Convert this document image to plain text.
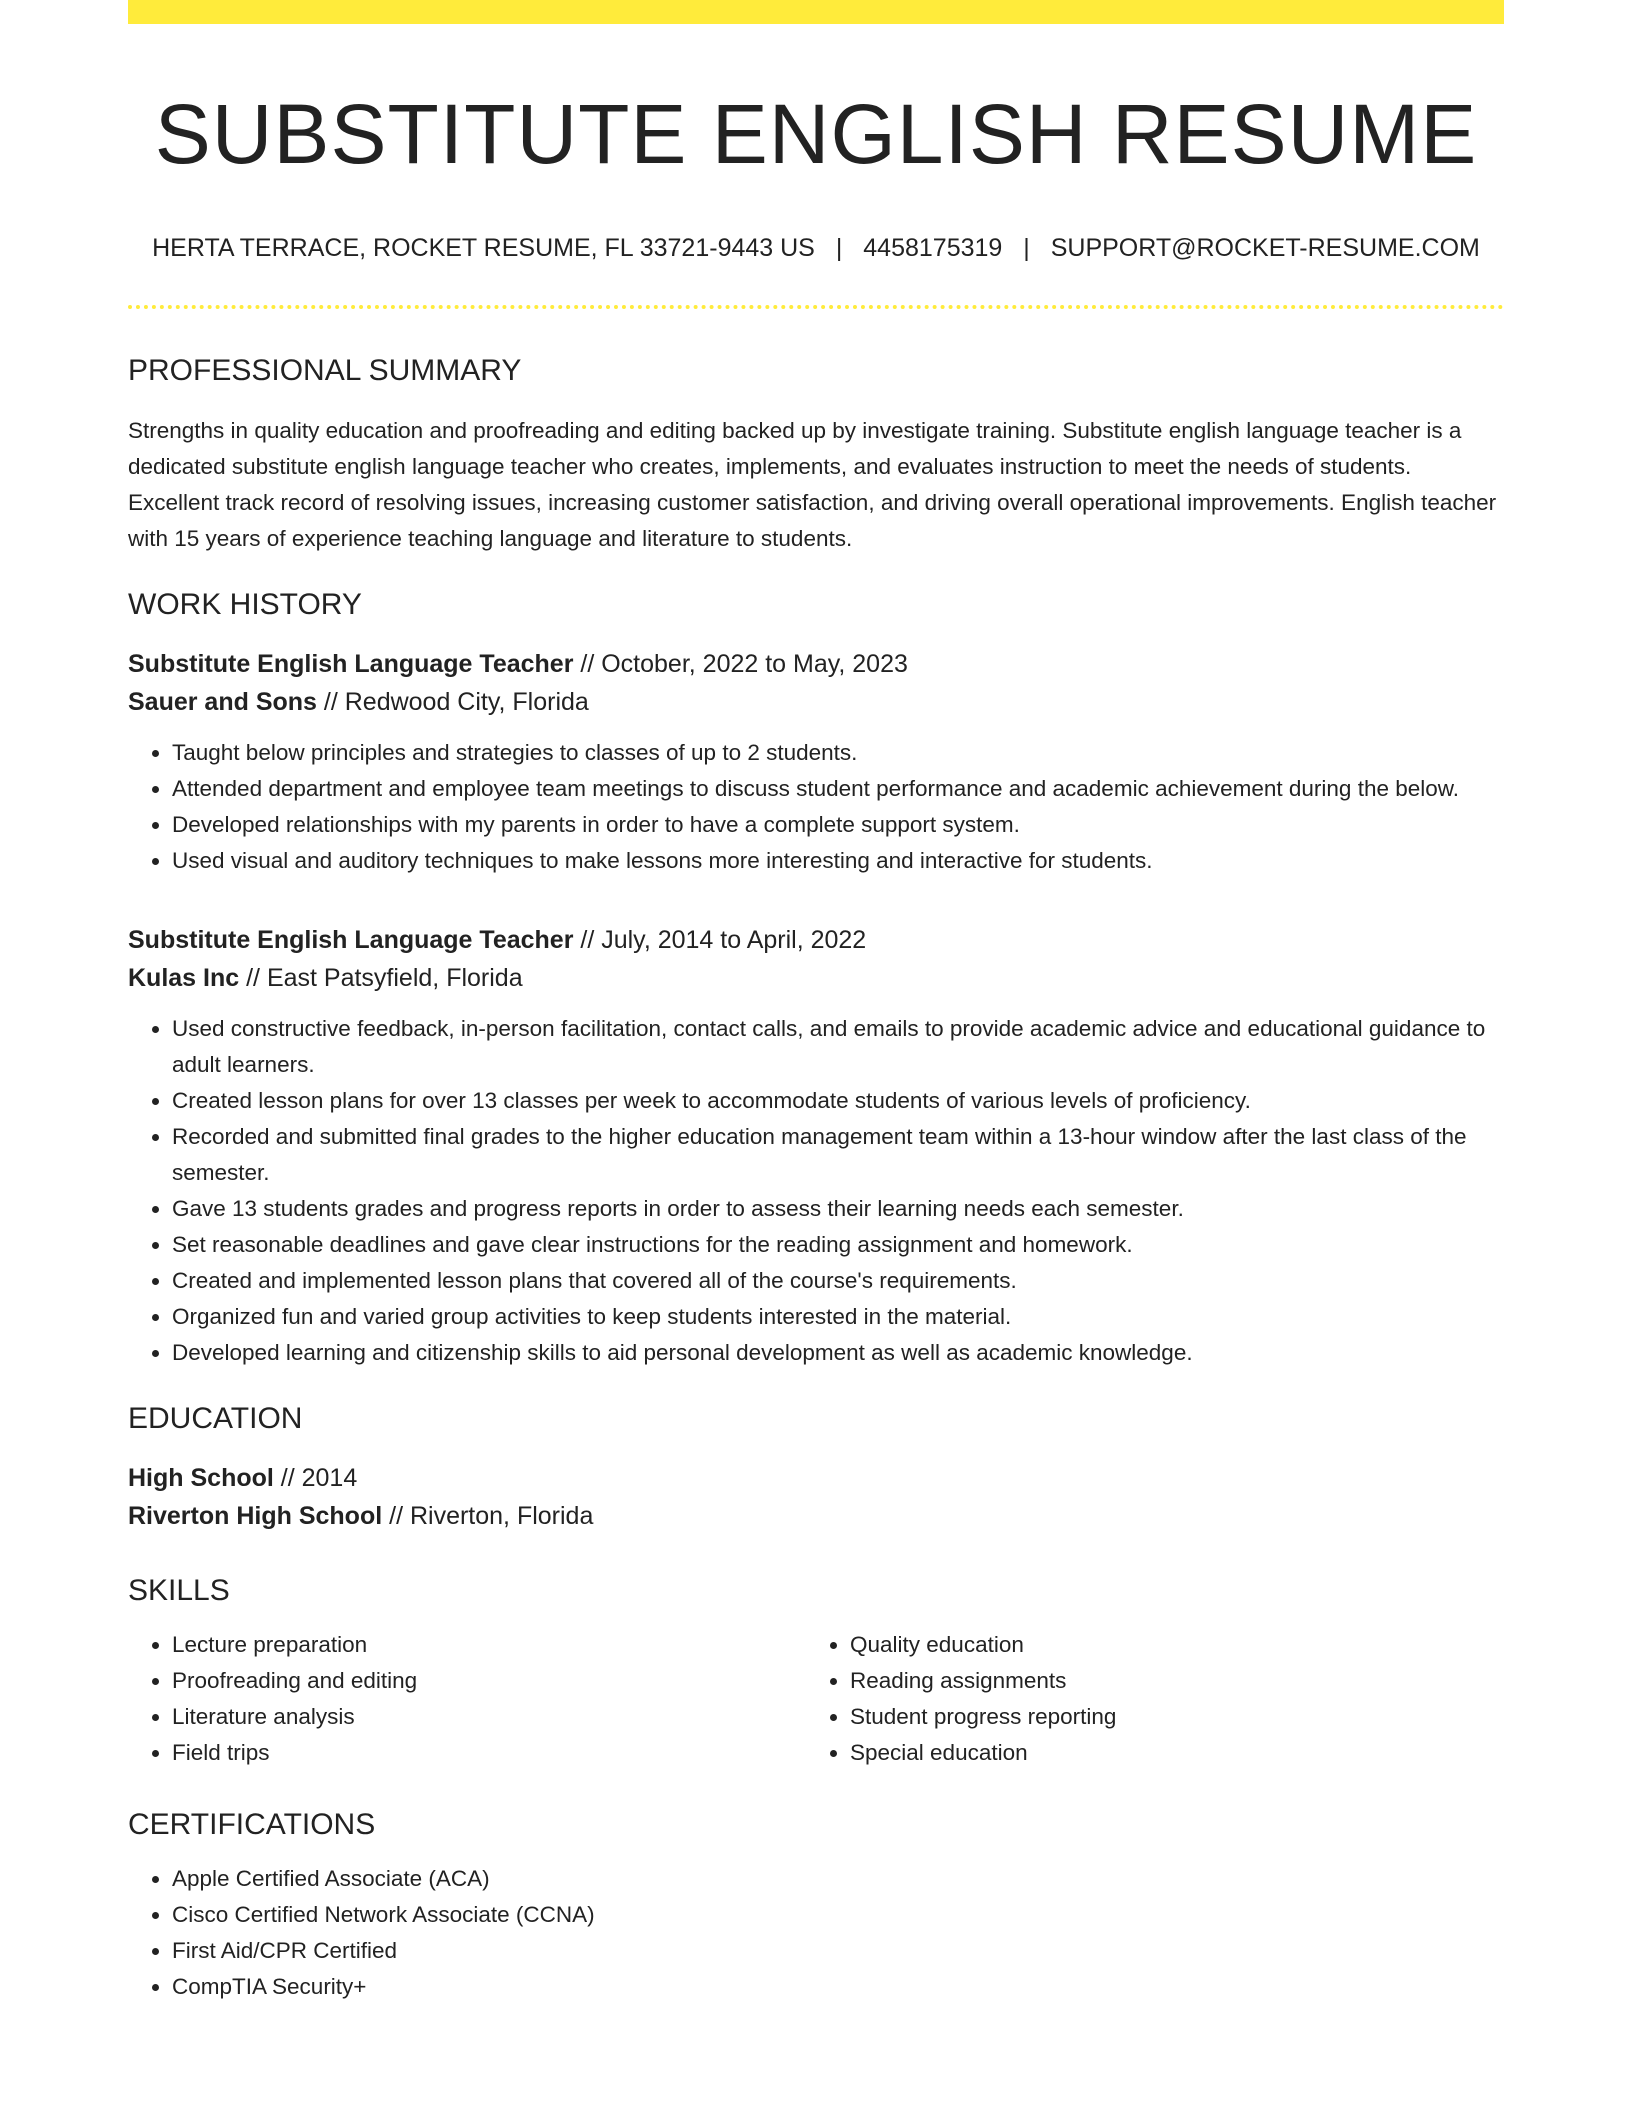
SUBSTITUTE ENGLISH RESUME
HERTA TERRACE, ROCKET RESUME, FL 33721-9443 US | 4458175319 | SUPPORT@ROCKET-RESUME.COM
PROFESSIONAL SUMMARY

Strengths in quality education and proofreading and editing backed up by investigate training. Substitute english language teacher is a dedicated substitute english language teacher who creates, implements, and evaluates instruction to meet the needs of students. Excellent track record of resolving issues, increasing customer satisfaction, and driving overall operational improvements. English teacher with 15 years of experience teaching language and literature to students.

WORK HISTORY
Substitute English Language Teacher // October, 2022 to May, 2023
Sauer and Sons // Redwood City, Florida
• Taught below principles and strategies to classes of up to 2 students.
• Attended department and employee team meetings to discuss student performance and academic achievement during the below.
• Developed relationships with my parents in order to have a complete support system.
• Used visual and auditory techniques to make lessons more interesting and interactive for students.
Substitute English Language Teacher // July, 2014 to April, 2022
Kulas Inc // East Patsyfield, Florida
• Used constructive feedback, in-person facilitation, contact calls, and emails to provide academic advice and educational guidance to adult learners.
• Created lesson plans for over 13 classes per week to accommodate students of various levels of proficiency.
• Recorded and submitted final grades to the higher education management team within a 13-hour window after the last class of the semester.
• Gave 13 students grades and progress reports in order to assess their learning needs each semester.
• Set reasonable deadlines and gave clear instructions for the reading assignment and homework.
• Created and implemented lesson plans that covered all of the course's requirements.
• Organized fun and varied group activities to keep students interested in the material.
• Developed learning and citizenship skills to aid personal development as well as academic knowledge.
EDUCATION
High School // 2014
Riverton High School // Riverton, Florida
SKILLS
• Lecture preparation
• Proofreading and editing
• Literature analysis
• Field trips
• Quality education
• Reading assignments
• Student progress reporting
• Special education
CERTIFICATIONS
• Apple Certified Associate (ACA)
• Cisco Certified Network Associate (CCNA)
• First Aid/CPR Certified
• CompTIA Security+
